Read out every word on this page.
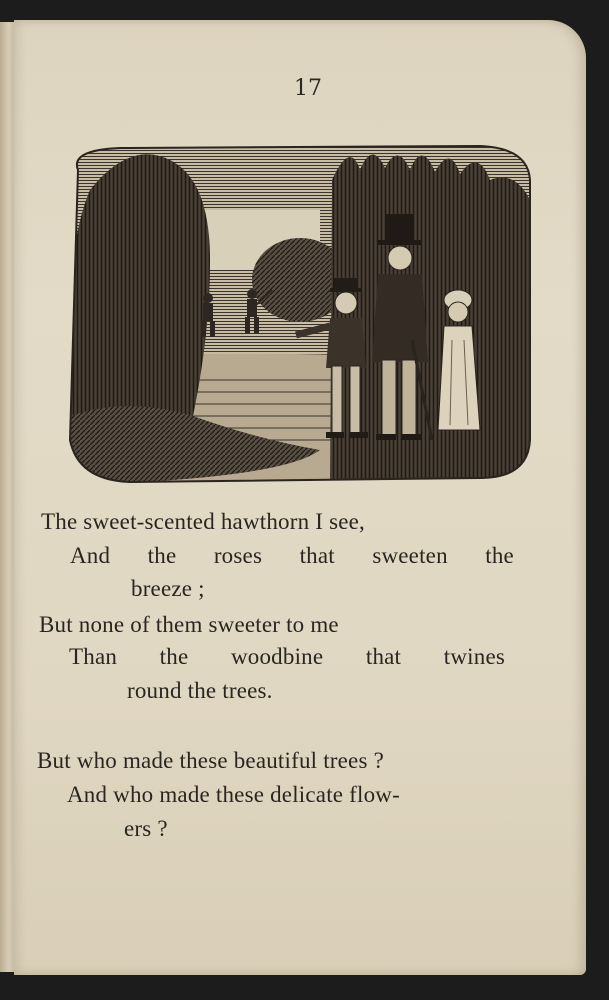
17
The sweet-scented hawthorn I see,
And the roses that sweeten the
breeze ;
But none of them sweeter to me
Than the woodbine that twines
round the trees.
But who made these beautiful trees ?
And who made these delicate flow-
ers ?
